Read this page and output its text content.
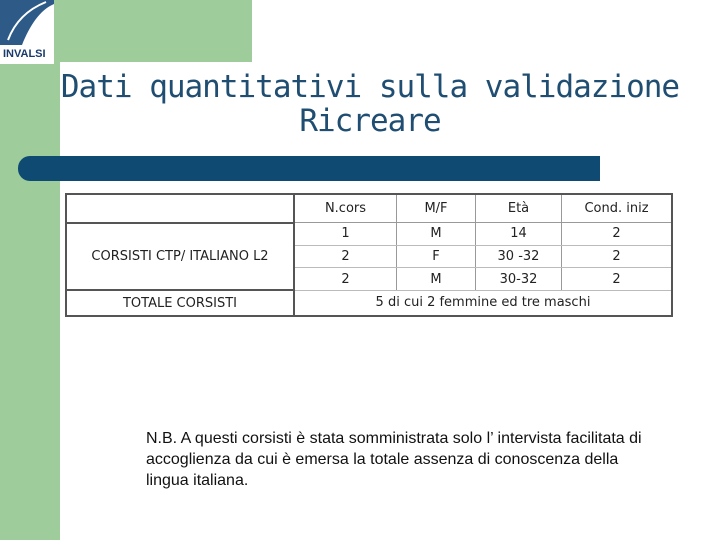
INVALSI
Dati quantitativi sulla validazione
Ricreare
	N.cors	M/F	Età	Cond. iniz
CORSISTI CTP/ ITALIANO L2	1	M	14	2
	2	F	30 -32	2
	2	M	30-32	2
TOTALE CORSISTI	5 di cui 2 femmine ed tre maschi			
N.B. A questi corsisti è stata somministrata solo l’ intervista facilitata di accoglienza da cui è emersa la totale assenza di conoscenza della lingua italiana.
